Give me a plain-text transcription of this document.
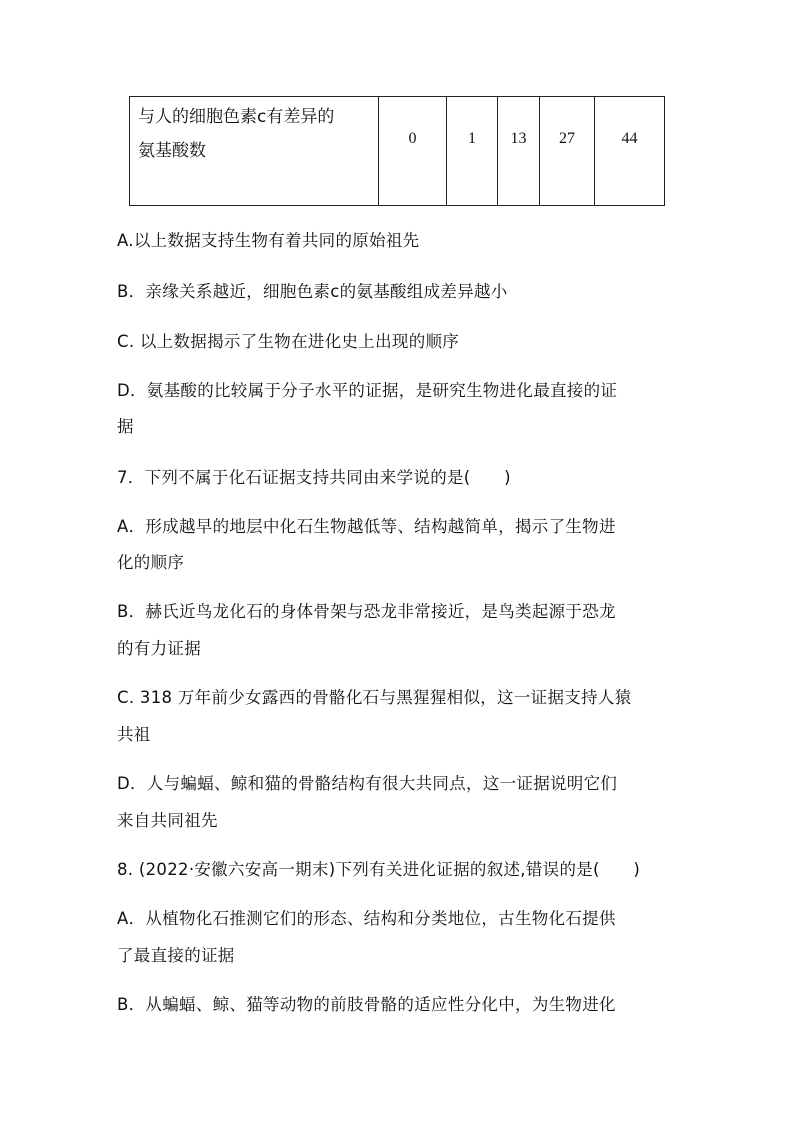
与人的细胞色素c有差异的
氨基酸数	0	1	13	27	44
A.以上数据支持生物有着共同的原始祖先
B．亲缘关系越近，细胞色素c的氨基酸组成差异越小
C. 以上数据揭示了生物在进化史上出现的顺序
D．氨基酸的比较属于分子水平的证据，是研究生物进化最直接的证
据
7．下列不属于化石证据支持共同由来学说的是(　　)
A．形成越早的地层中化石生物越低等、结构越简单，揭示了生物进
化的顺序
B．赫氏近鸟龙化石的身体骨架与恐龙非常接近，是鸟类起源于恐龙
的有力证据
C. 318 万年前少女露西的骨骼化石与黑猩猩相似，这一证据支持人猿
共祖
D．人与蝙蝠、鲸和猫的骨骼结构有很大共同点，这一证据说明它们
来自共同祖先
8. (2022·安徽六安高一期末)下列有关进化证据的叙述,错误的是(　　)
A．从植物化石推测它们的形态、结构和分类地位，古生物化石提供
了最直接的证据
B．从蝙蝠、鲸、猫等动物的前肢骨骼的适应性分化中，为生物进化
